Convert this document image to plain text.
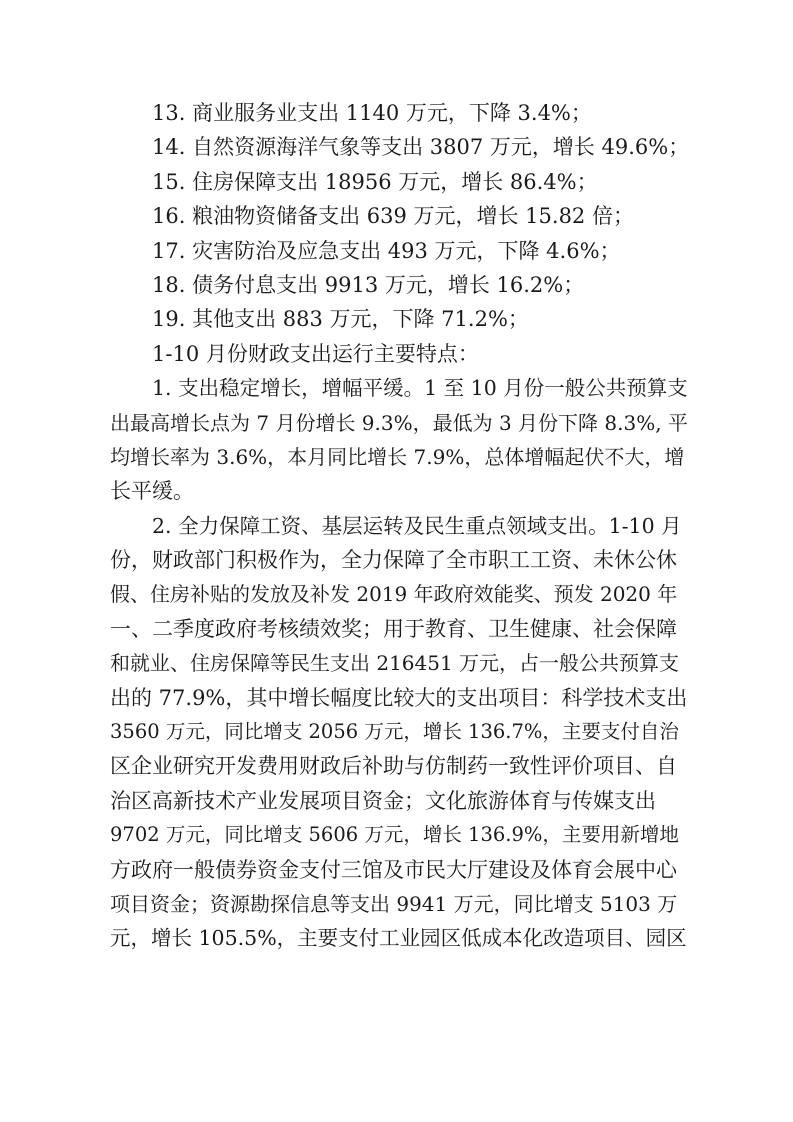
13. 商业服务业支出 1140 万元，下降 3.4%；
14. 自然资源海洋气象等支出 3807 万元，增长 49.6%；
15. 住房保障支出 18956 万元，增长 86.4%；
16. 粮油物资储备支出 639 万元，增长 15.82 倍；
17. 灾害防治及应急支出 493 万元，下降 4.6%；
18. 债务付息支出 9913 万元，增长 16.2%；
19. 其他支出 883 万元，下降 71.2%；
1-10 月份财政支出运行主要特点：
1. 支出稳定增长，增幅平缓。1 至 10 月份一般公共预算支
出最高增长点为 7 月份增长 9.3%，最低为 3 月份下降 8.3%, 平
均增长率为 3.6%，本月同比增长 7.9%，总体增幅起伏不大，增
长平缓。
2. 全力保障工资、基层运转及民生重点领域支出。1-10 月
份，财政部门积极作为，全力保障了全市职工工资、未休公休
假、住房补贴的发放及补发 2019 年政府效能奖、预发 2020 年
一、二季度政府考核绩效奖；用于教育、卫生健康、社会保障
和就业、住房保障等民生支出 216451 万元，占一般公共预算支
出的 77.9%，其中增长幅度比较大的支出项目：科学技术支出
3560 万元，同比增支 2056 万元，增长 136.7%，主要支付自治
区企业研究开发费用财政后补助与仿制药一致性评价项目、自
治区高新技术产业发展项目资金；文化旅游体育与传媒支出
9702 万元，同比增支 5606 万元，增长 136.9%，主要用新增地
方政府一般债券资金支付三馆及市民大厅建设及体育会展中心
项目资金；资源勘探信息等支出 9941 万元，同比增支 5103 万
元，增长 105.5%，主要支付工业园区低成本化改造项目、园区
